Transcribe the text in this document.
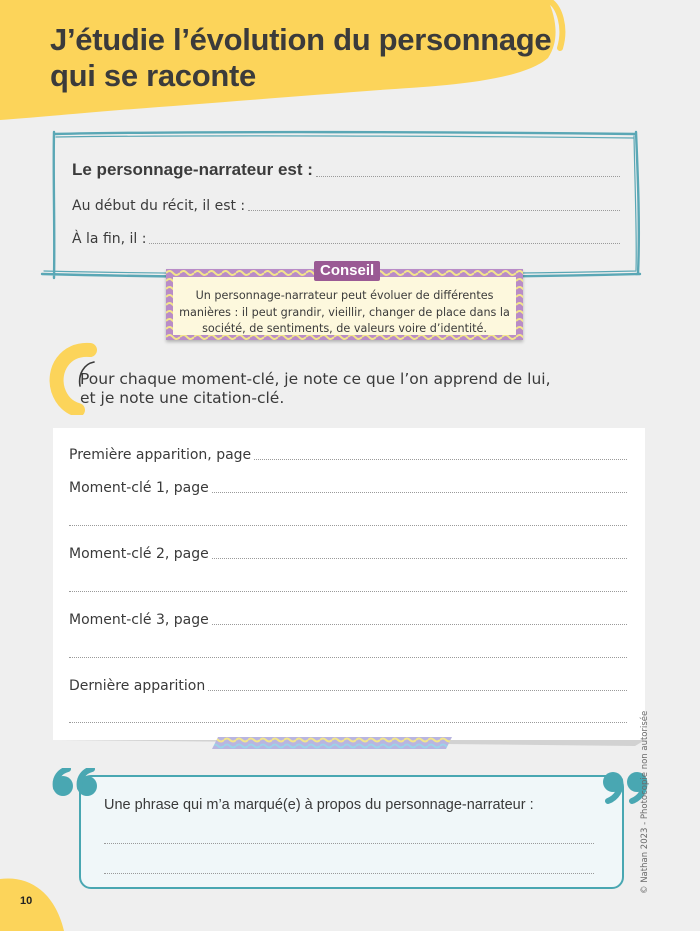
J’étudie l’évolution du personnage
qui se raconte
Le personnage-narrateur est :
Au début du récit, il est :
À la fin, il :
Conseil
Un personnage-narrateur peut évoluer de différentes manières : il peut grandir, vieillir, changer de place dans la société, de sentiments, de valeurs voire d’identité.
Pour chaque moment-clé, je note ce que l’on apprend de lui,
et je note une citation-clé.
Première apparition, page
Moment-clé 1, page
Moment-clé 2, page
Moment-clé 3, page
Dernière apparition
Une phrase qui m’a marqué(e) à propos du personnage-narrateur :	© Nathan 2023 - Photocopie non autorisée
10
